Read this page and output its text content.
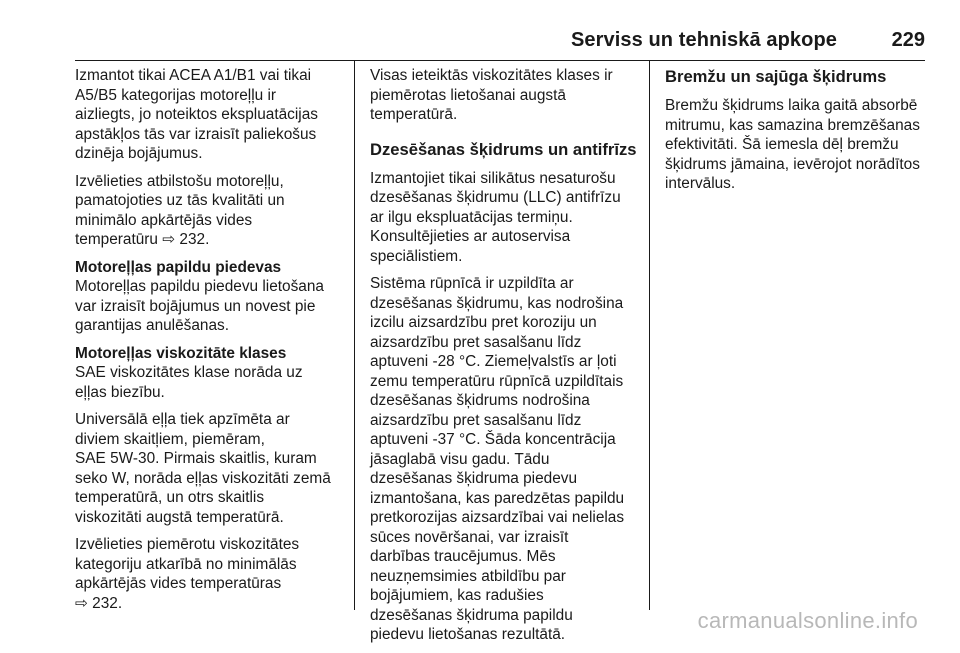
Serviss un tehniskā apkope	229

Izmantot tikai ACEA A1/B1 vai tikai
A5/B5 kategorijas motoreļļu ir
aizliegts, jo noteiktos ekspluatācijas
apstākļos tās var izraisīt paliekošus
dzinēja bojājumus.

Izvēlieties atbilstošu motoreļļu,
pamatojoties uz tās kvalitāti un
minimālo apkārtējās vides
temperatūru ⇨ 232.

Motoreļļas papildu piedevas

Motoreļļas papildu piedevu lietošana
var izraisīt bojājumus un novest pie
garantijas anulēšanas.

Motoreļļas viskozitāte klases

SAE viskozitātes klase norāda uz
eļļas biezību.

Universālā eļļa tiek apzīmēta ar
diviem skaitļiem, piemēram,
SAE 5W-30. Pirmais skaitlis, kuram
seko W, norāda eļļas viskozitāti zemā
temperatūrā, un otrs skaitlis
viskozitāti augstā temperatūrā.

Izvēlieties piemērotu viskozitātes
kategoriju atkarībā no minimālās
apkārtējās vides temperatūras
⇨ 232.

Visas ieteiktās viskozitātes klases ir
piemērotas lietošanai augstā
temperatūrā.

Dzesēšanas šķidrums un antifrīzs

Izmantojiet tikai silikātus nesaturošu
dzesēšanas šķidrumu (LLC) antifrīzu
ar ilgu ekspluatācijas termiņu.
Konsultējieties ar autoservisa
speciālistiem.

Sistēma rūpnīcā ir uzpildīta ar
dzesēšanas šķidrumu, kas nodrošina
izcilu aizsardzību pret koroziju un
aizsardzību pret sasalšanu līdz
aptuveni -28 °C. Ziemeļvalstīs ar ļoti
zemu temperatūru rūpnīcā uzpildītais
dzesēšanas šķidrums nodrošina
aizsardzību pret sasalšanu līdz
aptuveni -37 °C. Šāda koncentrācija
jāsaglabā visu gadu. Tādu
dzesēšanas šķidruma piedevu
izmantošana, kas paredzētas papildu
pretkorozijas aizsardzībai vai nelielas
sūces novēršanai, var izraisīt
darbības traucējumus. Mēs
neuzņemsimies atbildību par
bojājumiem, kas radušies
dzesēšanas šķidruma papildu
piedevu lietošanas rezultātā.

Bremžu un sajūga šķidrums

Bremžu šķidrums laika gaitā absorbē
mitrumu, kas samazina bremzēšanas
efektivitāti. Šā iemesla dēļ bremžu
šķidrums jāmaina, ievērojot norādītos
intervālus.

carmanualsonline.info
